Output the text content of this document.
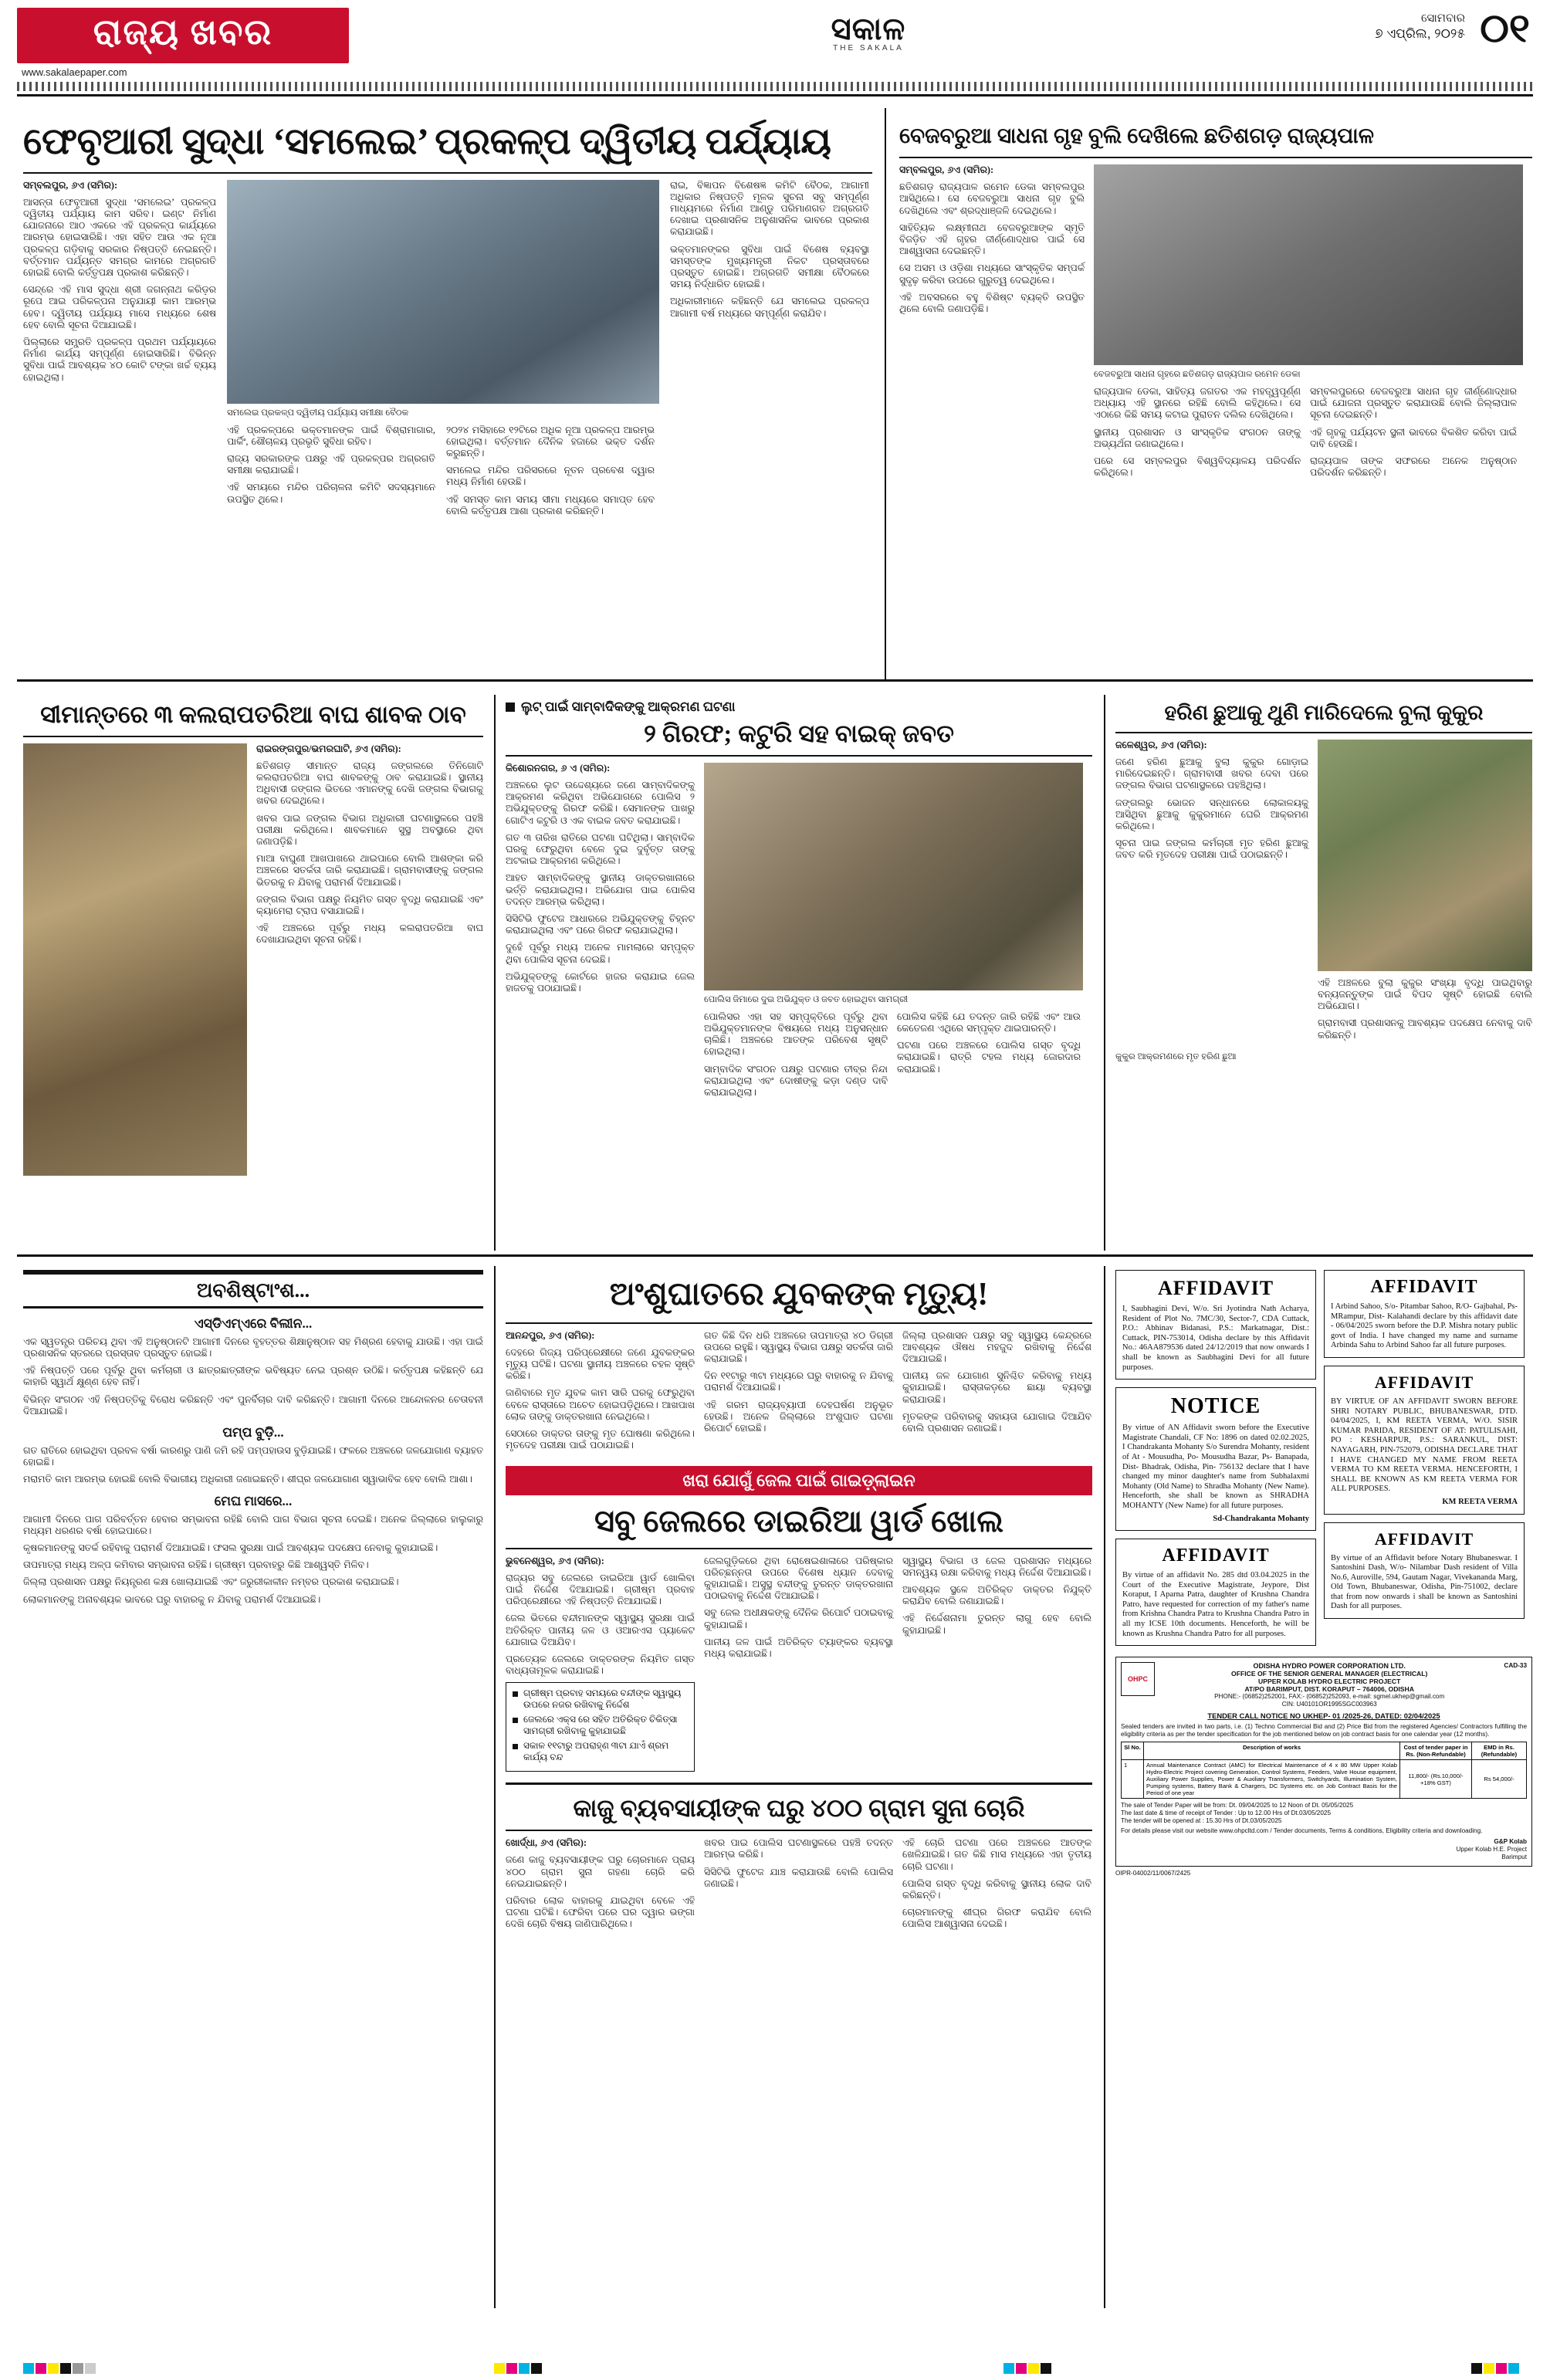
ରାଜ୍ୟ ଖବର
www.sakalaepaper.com
ସକାଳ
THE SAKALA
ସୋମବାର
୭ ଏପ୍ରିଲ, ୨୦୨୫ ୦୧
ଫେବୃଆରୀ ସୁଦ୍ଧା ‘ସମଲେଇ’ ପ୍ରକଳ୍ପ ଦ୍ୱିତୀୟ ପର୍ଯ୍ୟାୟ

ସମ୍ବଲପୁର, ୬ଏ (ସମିର):

ଆସନ୍ତା ଫେବୃଆରୀ ସୁଦ୍ଧା ‘ସମଲେଇ’ ପ୍ରକଳ୍ପ ଦ୍ୱିତୀୟ ପର୍ଯ୍ୟାୟ କାମ ସରିବ। ଇଣ୍ଟ ନିର୍ମାଣ ଯୋଜନାରେ ଆଠ ଏକରେ ଏହି ପ୍ରକଳ୍ପ କାର୍ଯ୍ୟରେ ଆରମ୍ଭ ହୋଇସାରିଛି। ଏହା ସହିତ ଆଉ ଏକ ନୂଆ ପ୍ରକଳ୍ପ ଗଡ଼ିବାକୁ ସରକାର ନିଷ୍ପତ୍ତି ନେଇଛନ୍ତି। ବର୍ତ୍ତମାନ ପର୍ଯ୍ୟନ୍ତ ସମଗ୍ର କାମରେ ଅଗ୍ରଗତି ହୋଇଛି ବୋଲି କର୍ତ୍ତୃପକ୍ଷ ପ୍ରକାଶ କରିଛନ୍ତି।

ସେନ୍ଦ୍ରେ ଏହି ମାସ ସୁଦ୍ଧା ଶ୍ରୀ ଜଗନ୍ନାଥ କରିଡ଼ର ରୂପେ ଆଇ ପରିକଳ୍ପନା ଅନୁଯାୟୀ କାମ ଆରମ୍ଭ ହେବ। ଦ୍ୱିତୀୟ ପର୍ଯ୍ୟାୟ ମାସେ ମଧ୍ୟରେ ଶେଷ ହେବ ବୋଲି ସୂଚନା ଦିଆଯାଇଛି।

ପିଲ୍ଲାରେ ସମ୍ପ୍ରତି ପ୍ରକଳ୍ପ ପ୍ରଥମ ପର୍ଯ୍ୟାୟରେ ନିର୍ମାଣ କାର୍ଯ୍ୟ ସମ୍ପୂର୍ଣ୍ଣ ହୋଇସାରିଛି। ବିଭିନ୍ନ ସୁବିଧା ପାଇଁ ଆବଶ୍ୟକ ୪୦ କୋଟି ଟଙ୍କା ଖର୍ଚ୍ଚ ବ୍ୟୟ ହୋଇଥିଲା।

ସମଲେଇ ପ୍ରକଳ୍ପ ଦ୍ୱିତୀୟ ପର୍ଯ୍ୟାୟ ସମୀକ୍ଷା ବୈଠକ

ଏହି ପ୍ରକଳ୍ପରେ ଭକ୍ତମାନଙ୍କ ପାଇଁ ବିଶ୍ରାମାଗାର, ପାର୍କିଂ, ଶୌଚାଳୟ ପ୍ରଭୃତି ସୁବିଧା ରହିବ।

ରାଜ୍ୟ ସରକାରଙ୍କ ପକ୍ଷରୁ ଏହି ପ୍ରକଳ୍ପର ଅଗ୍ରଗତି ସମୀକ୍ଷା କରାଯାଇଛି।

ଏହି ସମୟରେ ମନ୍ଦିର ପରିଚାଳନା କମିଟି ସଦସ୍ୟମାନେ ଉପସ୍ଥିତ ଥିଲେ।

୨୦୨୪ ମସିହାରେ ୧୨ଟିରେ ଅଧିକ ନୂଆ ପ୍ରକଳ୍ପ ଆରମ୍ଭ ହୋଇଥିଲା। ବର୍ତ୍ତମାନ ଦୈନିକ ହଜାରେ ଭକ୍ତ ଦର୍ଶନ କରୁଛନ୍ତି।

ସମଲେଇ ମନ୍ଦିର ପରିସରରେ ନୂତନ ପ୍ରବେଶ ଦ୍ୱାର ମଧ୍ୟ ନିର୍ମାଣ ହେଉଛି।

ଏହି ସମସ୍ତ କାମ ସମୟ ସୀମା ମଧ୍ୟରେ ସମାପ୍ତ ହେବ ବୋଲି କର୍ତ୍ତୃପକ୍ଷ ଆଶା ପ୍ରକାଶ କରିଛନ୍ତି।

ରାଇ, ବିଜ୍ଞାପନ ବିଶେଷଜ୍ଞ କମିଟି ବୈଠକ, ଆଗାମୀ ଅଧିକାର ନିଷ୍ପତ୍ତି ମୂଳକ ସୁଚନା ସବୁ ସମ୍ପୂର୍ଣ୍ଣ ମାଧ୍ୟମରେ ନିର୍ମାଣ ଆଣ୍ଡୁ ପରିମାଣଗତ ଅଗ୍ରଗତି ଦେଖାଇ ପ୍ରଶାସନିକ ଅନୁଶାସନିକ ଭାବରେ ପ୍ରକାଶ କରାଯାଇଛି।

ଭକ୍ତମାନଙ୍କର ସୁବିଧା ପାଇଁ ବିଶେଷ ବ୍ୟବସ୍ଥା ସମସ୍ତଙ୍କ ମୁଖ୍ୟମନ୍ତ୍ରୀ ନିକଟ ପ୍ରସ୍ତାବରେ ପ୍ରସ୍ତୁତ ହୋଇଛି। ଅଗ୍ରଗତି ସମୀକ୍ଷା ବୈଠକରେ ସମୟ ନିର୍ଦ୍ଧାରିତ ହୋଇଛି।

ଅଧିକାରୀମାନେ କହିଛନ୍ତି ଯେ ସମଲେଇ ପ୍ରକଳ୍ପ ଆଗାମୀ ବର୍ଷ ମଧ୍ୟରେ ସମ୍ପୂର୍ଣ୍ଣ କରାଯିବ।

ବେଜବରୁଆ ସାଧନା ଗୃହ ବୁଲି ଦେଖିଲେ ଛତିଶଗଡ଼ ରାଜ୍ୟପାଳ

ସମ୍ବଲପୁର, ୬ଏ (ସମିର):

ଛତିଶଗଡ଼ ରାଜ୍ୟପାଳ ରମେନ ଡେକା ସମ୍ବଲପୁର ଆସିଥିଲେ। ସେ ବେଜବରୁଆ ସାଧନା ଗୃହ ବୁଲି ଦେଖିଥିଲେ ଏବଂ ଶ୍ରଦ୍ଧାଞ୍ଜଳି ଦେଇଥିଲେ।

ସାହିତ୍ୟିକ ଲକ୍ଷ୍ମୀନାଥ ବେଜବରୁଆଙ୍କ ସ୍ମୃତି ବିଜଡ଼ିତ ଏହି ଗୃହର ଜୀର୍ଣ୍ଣୋଦ୍ଧାର ପାଇଁ ସେ ଆଶ୍ୱାସନା ଦେଇଛନ୍ତି।

ସେ ଅସମ ଓ ଓଡ଼ିଶା ମଧ୍ୟରେ ସାଂସ୍କୃତିକ ସମ୍ପର୍କ ସୁଦୃଢ଼ କରିବା ଉପରେ ଗୁରୁତ୍ୱ ଦେଇଥିଲେ।

ଏହି ଅବସରରେ ବହୁ ବିଶିଷ୍ଟ ବ୍ୟକ୍ତି ଉପସ୍ଥିତ ଥିଲେ ବୋଲି ଜଣାପଡ଼ିଛି।

ବେଜବରୁଆ ସାଧନା ଗୃହରେ ଛତିଶଗଡ଼ ରାଜ୍ୟପାଳ ରମେନ ଡେକା

ରାଜ୍ୟପାଳ ଡେକା, ସାହିତ୍ୟ ଜଗତର ଏକ ମହତ୍ତ୍ୱପୂର୍ଣ୍ଣ ଅଧ୍ୟାୟ ଏହି ସ୍ଥାନରେ ରହିଛି ବୋଲି କହିଥିଲେ। ସେ ଏଠାରେ କିଛି ସମୟ କଟାଇ ପୁରାତନ ଦଲିଲ ଦେଖିଥିଲେ।

ସ୍ଥାନୀୟ ପ୍ରଶାସନ ଓ ସାଂସ୍କୃତିକ ସଂଗଠନ ତାଙ୍କୁ ଅଭ୍ୟର୍ଥନା ଜଣାଇଥିଲେ।

ପରେ ସେ ସମ୍ବଲପୁର ବିଶ୍ୱବିଦ୍ୟାଳୟ ପରିଦର୍ଶନ କରିଥିଲେ।

ସମ୍ବଲପୁରରେ ବେଜବରୁଆ ସାଧନା ଗୃହ ଜୀର୍ଣ୍ଣୋଦ୍ଧାର ପାଇଁ ଯୋଜନା ପ୍ରସ୍ତୁତ କରାଯାଉଛି ବୋଲି ଜିଲ୍ଲାପାଳ ସୂଚନା ଦେଇଛନ୍ତି।

ଏହି ଗୃହକୁ ପର୍ଯ୍ୟଟନ ସ୍ଥଳୀ ଭାବରେ ବିକଶିତ କରିବା ପାଇଁ ଦାବି ହେଉଛି।

ରାଜ୍ୟପାଳ ତାଙ୍କ ସଫରରେ ଅନେକ ଅନୁଷ୍ଠାନ ପରିଦର୍ଶନ କରିଛନ୍ତି।

ସୀମାନ୍ତରେ ୩ କଲରାପତରିଆ ବାଘ ଶାବକ ଠାବ

ରାଇରଙ୍ଗପୁର/ଭମରଘାଟି, ୬ଏ (ସମିର):

ଛତିଶଗଡ଼ ସୀମାନ୍ତ ରାଜ୍ୟ ଜଙ୍ଗଲରେ ତିନିଗୋଟି କଲରାପତରିଆ ବାଘ ଶାବକଙ୍କୁ ଠାବ କରାଯାଇଛି। ସ୍ଥାନୀୟ ଅଧିବାସୀ ଜଙ୍ଗଲ ଭିତରେ ଏମାନଙ୍କୁ ଦେଖି ଜଙ୍ଗଲ ବିଭାଗକୁ ଖବର ଦେଇଥିଲେ।

ଖବର ପାଇ ଜଙ୍ଗଲ ବିଭାଗ ଅଧିକାରୀ ଘଟଣାସ୍ଥଳରେ ପହଞ୍ଚି ପରୀକ୍ଷା କରିଥିଲେ। ଶାବକମାନେ ସୁସ୍ଥ ଅବସ୍ଥାରେ ଥିବା ଜଣାପଡ଼ିଛି।

ମାଆ ବାଘୁଣୀ ଆଖପାଖରେ ଥାଇପାରେ ବୋଲି ଆଶଙ୍କା କରି ଅଞ୍ଚଳରେ ସତର୍କତା ଜାରି କରାଯାଇଛି। ଗ୍ରାମବାସୀଙ୍କୁ ଜଙ୍ଗଲ ଭିତରକୁ ନ ଯିବାକୁ ପରାମର୍ଶ ଦିଆଯାଇଛି।

ଜଙ୍ଗଲ ବିଭାଗ ପକ୍ଷରୁ ନିୟମିତ ଗସ୍ତ ବୃଦ୍ଧି କରାଯାଇଛି ଏବଂ କ୍ୟାମେରା ଟ୍ରାପ ବସାଯାଇଛି।

ଏହି ଅଞ୍ଚଳରେ ପୂର୍ବରୁ ମଧ୍ୟ କଲରାପତରିଆ ବାଘ ଦେଖାଯାଇଥିବା ସୂଚନା ରହିଛି।

ଲୁଟ୍ ପାଇଁ ସାମ୍ବାଦିକଙ୍କୁ ଆକ୍ରମଣ ଘଟଣା
୨ ଗିରଫ; କଟୁରି ସହ ବାଇକ୍ ଜବତ

କିଶୋରନଗର, ୬ ଏ (ସମିର):

ଅଞ୍ଚଳରେ ଲୁଟ ଉଦ୍ଦେଶ୍ୟରେ ଜଣେ ସାମ୍ବାଦିକଙ୍କୁ ଆକ୍ରମଣ କରିଥିବା ଅଭିଯୋଗରେ ପୋଲିସ ୨ ଅଭିଯୁକ୍ତଙ୍କୁ ଗିରଫ କରିଛି। ସେମାନଙ୍କ ପାଖରୁ ଗୋଟିଏ କଟୁରି ଓ ଏକ ବାଇକ ଜବତ କରାଯାଇଛି।

ଗତ ୩ ତାରିଖ ରାତିରେ ଘଟଣା ଘଟିଥିଲା। ସାମ୍ବାଦିକ ଘରକୁ ଫେରୁଥିବା ବେଳେ ଦୁଇ ଦୁର୍ବୃତ୍ତ ତାଙ୍କୁ ଅଟକାଇ ଆକ୍ରମଣ କରିଥିଲେ।

ଆହତ ସାମ୍ବାଦିକଙ୍କୁ ସ୍ଥାନୀୟ ଡାକ୍ତରଖାନାରେ ଭର୍ତ୍ତି କରାଯାଇଥିଲା। ଅଭିଯୋଗ ପାଇ ପୋଲିସ ତଦନ୍ତ ଆରମ୍ଭ କରିଥିଲା।

ସିସିଟିଭି ଫୁଟେଜ ଆଧାରରେ ଅଭିଯୁକ୍ତଙ୍କୁ ଚିହ୍ନଟ କରାଯାଇଥିଲା ଏବଂ ପରେ ଗିରଫ କରାଯାଇଥିଲା।

ଦୁହେଁ ପୂର୍ବରୁ ମଧ୍ୟ ଅନେକ ମାମଲାରେ ସମ୍ପୃକ୍ତ ଥିବା ପୋଲିସ ସୂଚନା ଦେଇଛି।

ଅଭିଯୁକ୍ତଙ୍କୁ କୋର୍ଟରେ ହାଜର କରାଯାଇ ଜେଲ ହାଜତକୁ ପଠାଯାଇଛି।

ପୋଲିସ ଜିମାରେ ଦୁଇ ଅଭିଯୁକ୍ତ ଓ ଜବତ ହୋଇଥିବା ସାମଗ୍ରୀ

ପୋଲିସର ଏହା ସହ ସମ୍ପୃକ୍ତିରେ ପୂର୍ବରୁ ଥିବା ଅଭିଯୁକ୍ତମାନଙ୍କ ବିଷୟରେ ମଧ୍ୟ ଅନୁସନ୍ଧାନ ଚାଲିଛି। ଅଞ୍ଚଳରେ ଆତଙ୍କ ପରିବେଶ ସୃଷ୍ଟି ହୋଇଥିଲା।

ସାମ୍ବାଦିକ ସଂଗଠନ ପକ୍ଷରୁ ଘଟଣାର ତୀବ୍ର ନିନ୍ଦା କରାଯାଇଥିଲା ଏବଂ ଦୋଷୀଙ୍କୁ କଡ଼ା ଦଣ୍ଡ ଦାବି କରାଯାଇଥିଲା।

ପୋଲିସ କହିଛି ଯେ ତଦନ୍ତ ଜାରି ରହିଛି ଏବଂ ଆଉ କେତେଜଣ ଏଥିରେ ସମ୍ପୃକ୍ତ ଥାଇପାରନ୍ତି।

ଘଟଣା ପରେ ଅଞ୍ଚଳରେ ପୋଲିସ ଗସ୍ତ ବୃଦ୍ଧି କରାଯାଇଛି। ରାତ୍ରି ଟହଲ ମଧ୍ୟ ଜୋରଦାର କରାଯାଇଛି।

ହରିଣ ଛୁଆକୁ ଥୁଣି ମାରିଦେଲେ ବୁଲା କୁକୁର

ଜଳେଶ୍ୱର, ୬ଏ (ସମିର):

ଜଣେ ହରିଣ ଛୁଆକୁ ବୁଲା କୁକୁର ଗୋଡ଼ାଇ ମାରିଦେଇଛନ୍ତି। ଗ୍ରାମବାସୀ ଖବର ଦେବା ପରେ ଜଙ୍ଗଲ ବିଭାଗ ଘଟଣାସ୍ଥଳରେ ପହଞ୍ଚିଥିଲା।

ଜଙ୍ଗଲରୁ ଭୋଜନ ସନ୍ଧାନରେ ଲୋକାଳୟକୁ ଆସିଥିବା ଛୁଆକୁ କୁକୁରମାନେ ଘେରି ଆକ୍ରମଣ କରିଥିଲେ।

ସୂଚନା ପାଇ ଜଙ୍ଗଲ କର୍ମଚାରୀ ମୃତ ହରିଣ ଛୁଆକୁ ଜବତ କରି ମୃତଦେହ ପରୀକ୍ଷା ପାଇଁ ପଠାଇଛନ୍ତି।

ଏହି ଅଞ୍ଚଳରେ ବୁଲା କୁକୁର ସଂଖ୍ୟା ବୃଦ୍ଧି ପାଇଥିବାରୁ ବନ୍ୟଜନ୍ତୁଙ୍କ ପାଇଁ ବିପଦ ସୃଷ୍ଟି ହୋଇଛି ବୋଲି ଅଭିଯୋଗ।

ଗ୍ରାମବାସୀ ପ୍ରଶାସନକୁ ଆବଶ୍ୟକ ପଦକ୍ଷେପ ନେବାକୁ ଦାବି କରିଛନ୍ତି।

କୁକୁର ଆକ୍ରମଣରେ ମୃତ ହରିଣ ଛୁଆ
ଅବଶିଷ୍ଟାଂଶ...
ଏସ୍‌ଡିଏମ୍‌ଏରେ ବିଲୀନ...

ଏକ ସ୍ୱତନ୍ତ୍ର ପରିଚୟ ଥିବା ଏହି ଅନୁଷ୍ଠାନଟି ଆଗାମୀ ଦିନରେ ବୃହତ୍ତର ଶିକ୍ଷାନୁଷ୍ଠାନ ସହ ମିଶ୍ରଣ ହେବାକୁ ଯାଉଛି। ଏହା ପାଇଁ ପ୍ରଶାସନିକ ସ୍ତରରେ ପ୍ରସ୍ତାବ ପ୍ରସ୍ତୁତ ହୋଇଛି।

ଏହି ନିଷ୍ପତ୍ତି ପରେ ପୂର୍ବରୁ ଥିବା କର୍ମଚାରୀ ଓ ଛାତ୍ରଛାତ୍ରୀଙ୍କ ଭବିଷ୍ୟତ ନେଇ ପ୍ରଶ୍ନ ଉଠିଛି। କର୍ତ୍ତୃପକ୍ଷ କହିଛନ୍ତି ଯେ କାହାରି ସ୍ୱାର୍ଥ କ୍ଷୁଣ୍ଣ ହେବ ନାହିଁ।

ବିଭିନ୍ନ ସଂଗଠନ ଏହି ନିଷ୍ପତ୍ତିକୁ ବିରୋଧ କରିଛନ୍ତି ଏବଂ ପୁନର୍ବିଚାର ଦାବି କରିଛନ୍ତି। ଆଗାମୀ ଦିନରେ ଆନ୍ଦୋଳନର ଚେତାବନୀ ଦିଆଯାଇଛି।

ପମ୍ପ ବୁଡ଼ି...

ଗତ ରାତିରେ ହୋଇଥିବା ପ୍ରବଳ ବର୍ଷା କାରଣରୁ ପାଣି ଜମି ରହି ପମ୍ପହାଉସ ବୁଡ଼ିଯାଇଛି। ଫଳରେ ଅଞ୍ଚଳରେ ଜଳଯୋଗାଣ ବ୍ୟାହତ ହୋଇଛି।

ମରାମତି କାମ ଆରମ୍ଭ ହୋଇଛି ବୋଲି ବିଭାଗୀୟ ଅଧିକାରୀ ଜଣାଇଛନ୍ତି। ଶୀଘ୍ର ଜଳଯୋଗାଣ ସ୍ୱାଭାବିକ ହେବ ବୋଲି ଆଶା।

ମେଘ ମାସରେ...

ଆଗାମୀ ଦିନରେ ପାଗ ପରିବର୍ତ୍ତନ ହେବାର ସମ୍ଭାବନା ରହିଛି ବୋଲି ପାଗ ବିଭାଗ ସୂଚନା ଦେଇଛି। ଅନେକ ଜିଲ୍ଲାରେ ହାଲୁକାରୁ ମଧ୍ୟମ ଧରଣର ବର୍ଷା ହୋଇପାରେ।

କୃଷକମାନଙ୍କୁ ସତର୍କ ରହିବାକୁ ପରାମର୍ଶ ଦିଆଯାଇଛି। ଫସଲ ସୁରକ୍ଷା ପାଇଁ ଆବଶ୍ୟକ ପଦକ୍ଷେପ ନେବାକୁ କୁହାଯାଇଛି।

ତାପମାତ୍ରା ମଧ୍ୟ ଅଳ୍ପ କମିବାର ସମ୍ଭାବନା ରହିଛି। ଗ୍ରୀଷ୍ମ ପ୍ରବାହରୁ କିଛି ଆଶ୍ୱସ୍ତି ମିଳିବ।

ଜିଲ୍ଲା ପ୍ରଶାସନ ପକ୍ଷରୁ ନିୟନ୍ତ୍ରଣ କକ୍ଷ ଖୋଲାଯାଇଛି ଏବଂ ଜରୁରୀକାଳୀନ ନମ୍ବର ପ୍ରକାଶ କରାଯାଇଛି।

ଲୋକମାନଙ୍କୁ ଅନାବଶ୍ୟକ ଭାବରେ ଘରୁ ବାହାରକୁ ନ ଯିବାକୁ ପରାମର୍ଶ ଦିଆଯାଇଛି।

ଅଂଶୁଘାତରେ ଯୁବକଙ୍କ ମୃତ୍ୟୁ!

ଆନନ୍ଦପୁର, ୬ଏ (ସମିର):

ଦେହରେ ଗିଜ୍ୟ ପରିପ୍ରେକ୍ଷୀରେ ଜଣେ ଯୁବକଙ୍କର ମୃତ୍ୟୁ ଘଟିଛି। ଘଟଣା ସ୍ଥାନୀୟ ଅଞ୍ଚଳରେ ଚହଳ ସୃଷ୍ଟି କରିଛି।

ଜାଣିବାରେ ମୃତ ଯୁବକ କାମ ସାରି ଘରକୁ ଫେରୁଥିବା ବେଳେ ରାସ୍ତାରେ ଅଚେତ ହୋଇପଡ଼ିଥିଲେ। ଆଖପାଖ ଲୋକ ତାଙ୍କୁ ଡାକ୍ତରଖାନା ନେଇଥିଲେ।

ସେଠାରେ ଡାକ୍ତର ତାଙ୍କୁ ମୃତ ଘୋଷଣା କରିଥିଲେ। ମୃତଦେହ ପରୀକ୍ଷା ପାଇଁ ପଠାଯାଇଛି।

ଗତ କିଛି ଦିନ ଧରି ଅଞ୍ଚଳରେ ତାପମାତ୍ରା ୪୦ ଡିଗ୍ରୀ ଉପରେ ରହୁଛି। ସ୍ୱାସ୍ଥ୍ୟ ବିଭାଗ ପକ୍ଷରୁ ସତର୍କତା ଜାରି କରାଯାଇଛି।

ଦିନ ୧୧ଟାରୁ ୩ଟା ମଧ୍ୟରେ ଘରୁ ବାହାରକୁ ନ ଯିବାକୁ ପରାମର୍ଶ ଦିଆଯାଇଛି।

ଏହି ଗରମ ରାଜ୍ୟବ୍ୟାପୀ ଦେହଘର୍ଷଣ ଅନୁଭୂତ ହେଉଛି। ଅନେକ ଜିଲ୍ଲାରେ ଅଂଶୁଘାତ ଘଟଣା ରିପୋର୍ଟ ହୋଇଛି।

ଜିଲ୍ଲା ପ୍ରଶାସନ ପକ୍ଷରୁ ସବୁ ସ୍ୱାସ୍ଥ୍ୟ କେନ୍ଦ୍ରରେ ଆବଶ୍ୟକ ଔଷଧ ମହଜୁଦ ରଖିବାକୁ ନିର୍ଦ୍ଦେଶ ଦିଆଯାଇଛି।

ପାନୀୟ ଜଳ ଯୋଗାଣ ସୁନିଶ୍ଚିତ କରିବାକୁ ମଧ୍ୟ କୁହାଯାଇଛି। ରାସ୍ତାକଡ଼ରେ ଛାୟା ବ୍ୟବସ୍ଥା କରାଯାଉଛି।

ମୃତକଙ୍କ ପରିବାରକୁ ସହାୟତା ଯୋଗାଇ ଦିଆଯିବ ବୋଲି ପ୍ରଶାସନ ଜଣାଇଛି।

ଖରା ଯୋଗୁଁ ଜେଲ ପାଇଁ ଗାଇଡ଼୍‌ଲାଇନ
ସବୁ ଜେଲରେ ଡାଇରିଆ ୱାର୍ଡ ଖୋଲ

ଭୁବନେଶ୍ୱର, ୬ଏ (ସମିର):

ରାଜ୍ୟର ସବୁ ଜେଲରେ ଡାଇରିଆ ୱାର୍ଡ ଖୋଲିବା ପାଇଁ ନିର୍ଦ୍ଦେଶ ଦିଆଯାଇଛି। ଗ୍ରୀଷ୍ମ ପ୍ରବାହ ପରିପ୍ରେକ୍ଷୀରେ ଏହି ନିଷ୍ପତ୍ତି ନିଆଯାଇଛି।

ଜେଲ ଭିତରେ ବନ୍ଦୀମାନଙ୍କ ସ୍ୱାସ୍ଥ୍ୟ ସୁରକ୍ଷା ପାଇଁ ଅତିରିକ୍ତ ପାନୀୟ ଜଳ ଓ ଓଆରଏସ ପ୍ୟାକେଟ ଯୋଗାଇ ଦିଆଯିବ।

ପ୍ରତ୍ୟେକ ଜେଲରେ ଡାକ୍ତରଙ୍କ ନିୟମିତ ଗସ୍ତ ବାଧ୍ୟତାମୂଳକ କରାଯାଇଛି।

ଗ୍ରୀଷ୍ମ ପ୍ରବାହ ସମୟରେ ବନ୍ଦୀଙ୍କ ସ୍ୱାସ୍ଥ୍ୟ ଉପରେ ନଜର ରଖିବାକୁ ନିର୍ଦ୍ଦେଶ
ଜେଲରେ ଏକ୍ସ ରେ ସହିତ ଅତିରିକ୍ତ ଚିକିତ୍ସା ସାମଗ୍ରୀ ରଖିବାକୁ କୁହାଯାଇଛି
ସକାଳ ୧୧ଟାରୁ ଅପରାହ୍ଣ ୩ଟା ଯାଏଁ ଶ୍ରମ କାର୍ଯ୍ୟ ବନ୍ଦ

ଜେଲଗୁଡ଼ିକରେ ଥିବା ରୋଷେଇଶାଳାରେ ପରିଷ୍କାର ପରିଚ୍ଛନ୍ନତା ଉପରେ ବିଶେଷ ଧ୍ୟାନ ଦେବାକୁ କୁହାଯାଇଛି। ଅସୁସ୍ଥ ବନ୍ଦୀଙ୍କୁ ତୁରନ୍ତ ଡାକ୍ତରଖାନା ପଠାଇବାକୁ ନିର୍ଦ୍ଦେଶ ଦିଆଯାଇଛି।

ସବୁ ଜେଲ ଅଧୀକ୍ଷକଙ୍କୁ ଦୈନିକ ରିପୋର୍ଟ ପଠାଇବାକୁ କୁହାଯାଇଛି।

ପାନୀୟ ଜଳ ପାଇଁ ଅତିରିକ୍ତ ଟ୍ୟାଙ୍କର ବ୍ୟବସ୍ଥା ମଧ୍ୟ କରାଯାଇଛି।

ସ୍ୱାସ୍ଥ୍ୟ ବିଭାଗ ଓ ଜେଲ ପ୍ରଶାସନ ମଧ୍ୟରେ ସମନ୍ୱୟ ରକ୍ଷା କରିବାକୁ ମଧ୍ୟ ନିର୍ଦ୍ଦେଶ ଦିଆଯାଇଛି।

ଆବଶ୍ୟକ ସ୍ଥଳେ ଅତିରିକ୍ତ ଡାକ୍ତର ନିଯୁକ୍ତି କରାଯିବ ବୋଲି ଜଣାଯାଇଛି।

ଏହି ନିର୍ଦ୍ଦେଶନାମା ତୁରନ୍ତ ଲାଗୁ ହେବ ବୋଲି କୁହାଯାଇଛି।

କାଜୁ ବ୍ୟବସାୟୀଙ୍କ ଘରୁ ୪୦୦ ଗ୍ରାମ ସୁନା ଚୋରି

ଖୋର୍ଦ୍ଧା, ୬ଏ (ସମିର):

ଜଣେ କାଜୁ ବ୍ୟବସାୟୀଙ୍କ ଘରୁ ଚୋରମାନେ ପ୍ରାୟ ୪୦୦ ଗ୍ରାମ ସୁନା ଗହଣା ଚୋରି କରି ନେଇଯାଇଛନ୍ତି।

ପରିବାର ଲୋକ ବାହାରକୁ ଯାଇଥିବା ବେଳେ ଏହି ଘଟଣା ଘଟିଛି। ଫେରିବା ପରେ ଘର ଦ୍ୱାର ଭଙ୍ଗା ଦେଖି ଚୋରି ବିଷୟ ଜାଣିପାରିଥିଲେ।

ଖବର ପାଇ ପୋଲିସ ଘଟଣାସ୍ଥଳରେ ପହଞ୍ଚି ତଦନ୍ତ ଆରମ୍ଭ କରିଛି।

ସିସିଟିଭି ଫୁଟେଜ ଯାଞ୍ଚ କରାଯାଉଛି ବୋଲି ପୋଲିସ ଜଣାଇଛି।

ଏହି ଚୋରି ଘଟଣା ପରେ ଅଞ୍ଚଳରେ ଆତଙ୍କ ଖେଳିଯାଇଛି। ଗତ କିଛି ମାସ ମଧ୍ୟରେ ଏହା ତୃତୀୟ ଚୋରି ଘଟଣା।

ପୋଲିସ ଗସ୍ତ ବୃଦ୍ଧି କରିବାକୁ ସ୍ଥାନୀୟ ଲୋକ ଦାବି କରିଛନ୍ତି।

ଚୋରମାନଙ୍କୁ ଶୀଘ୍ର ଗିରଫ କରାଯିବ ବୋଲି ପୋଲିସ ଆଶ୍ୱାସନା ଦେଇଛି।

AFFIDAVIT
I, Saubhagini Devi, W/o. Sri Jyotindra Nath Acharya, Resident of Plot No. 7MC/30, Sector-7, CDA Cuttack, P.O.: Abhinav Bidanasi, P.S.: Markatnagar, Dist.: Cuttack, PIN-753014, Odisha declare by this Affidavit No.: 46AA879536 dated 24/12/2019 that now onwards I shall be known as Saubhagini Devi for all future purposes.
NOTICE
By virtue of AN Affidavit sworn before the Executive Magistrate Chandali, CF No: 1896 on dated 02.02.2025, I Chandrakanta Mohanty S/o Surendra Mohanty, resident of At - Mousudha, Po- Mousudha Bazar, Ps- Banapada, Dist- Bhadrak, Odisha, Pin- 756132 declare that I have changed my minor daughter's name from Subhalaxmi Mohanty (Old Name) to Shradha Mohanty (New Name). Henceforth, she shall be known as SHRADHA MOHANTY (New Name) for all future purposes.
Sd-Chandrakanta Mohanty
AFFIDAVIT
By virtue of an affidavit No. 285 dtd 03.04.2025 in the Court of the Executive Magistrate, Jeypore, Dist Koraput, I Aparna Patra, daughter of Krushna Chandra Patro, have requested for correction of my father's name from Krishna Chandra Patra to Krushna Chandra Patro in all my ICSE 10th documents. Henceforth, he will be known as Krushna Chandra Patro for all purposes.
AFFIDAVIT
I Arbind Sahoo, S/o- Pitambar Sahoo, R/O- Gajbahal, Ps-MRampur, Dist- Kalahandi declare by this affidavit date - 06/04/2025 sworn before the D.P. Mishra notary public govt of India. I have changed my name and surname Arbinda Sahu to Arbind Sahoo far all future purposes.
AFFIDAVIT
BY VIRTUE OF AN AFFIDAVIT SWORN BEFORE SHRI NOTARY PUBLIC, BHUBANESWAR, DTD. 04/04/2025, I, KM REETA VERMA, W/O. SISIR KUMAR PARIDA, RESIDENT OF AT: PATULISAHI, PO : KESHARPUR, P.S.: SARANKUL, DIST: NAYAGARH, PIN-752079, ODISHA DECLARE THAT I HAVE CHANGED MY NAME FROM REETA VERMA TO KM REETA VERMA. HENCEFORTH, I SHALL BE KNOWN AS KM REETA VERMA FOR ALL PURPOSES.
KM REETA VERMA
AFFIDAVIT
By virtue of an Affidavit before Notary Bhubaneswar. I Santoshini Dash, W/o- Nilambar Dash resident of Villa No.6, Auroville, 594, Gautam Nagar, Vivekananda Marg, Old Town, Bhubaneswar, Odisha, Pin-751002, declare that from now onwards i shall be known as Santoshini Dash for all purposes.
OHPC
ODISHA HYDRO POWER CORPORATION LTD.
OFFICE OF THE SENIOR GENERAL MANAGER (ELECTRICAL)
UPPER KOLAB HYDRO ELECTRIC PROJECT
AT/PO BARIMPUT, DIST. KORAPUT – 764006, ODISHA
PHONE:- (06852)252001, FAX:- (06852)252093, e-mail: sgmel.ukhep@gmail.com
CIN: U40101OR1995SGC003963
CAD-33
TENDER CALL NOTICE NO UKHEP- 01 /2025-26, DATED: 02/04/2025
Sealed tenders are invited in two parts, i.e. (1) Techno Commercial Bid and (2) Price Bid from the registered Agencies/ Contractors fulfilling the eligibility criteria as per the tender specification for the job mentioned below on job contract basis for one calendar year (12 months).
Sl No.	Description of works	Cost of tender paper in Rs. (Non-Refundable)	EMD in Rs. (Refundable)
1	Annual Maintenance Contract (AMC) for Electrical Maintenance of 4 x 80 MW Upper Kolab Hydro-Electric Project covering Generation, Control Systems, Feeders, Valve House equipment, Auxiliary Power Supplies, Power & Auxiliary Transformers, Switchyards, Illumination System, Pumping systems, Battery Bank & Chargers, DC Systems etc. on Job Contract Basis for the Period of one year	11,800/- (Rs.10,000/-+18% GST)	Rs 54,000/-
The sale of Tender Paper will be from: Dt. 09/04/2025 to 12 Noon of Dt. 05/05/2025
The last date & time of receipt of Tender : Up to 12.00 Hrs of Dt.03/05/2025
The tender will be opened at : 15.30 Hrs of Dt.03/05/2025
For details please visit our website www.ohpcltd.com / Tender documents, Terms & conditions, Eligibility criteria and downloading.
G&P Kolab
Upper Kolab H.E. Project
Barimput
OIPR-04002/11/0067/2425
